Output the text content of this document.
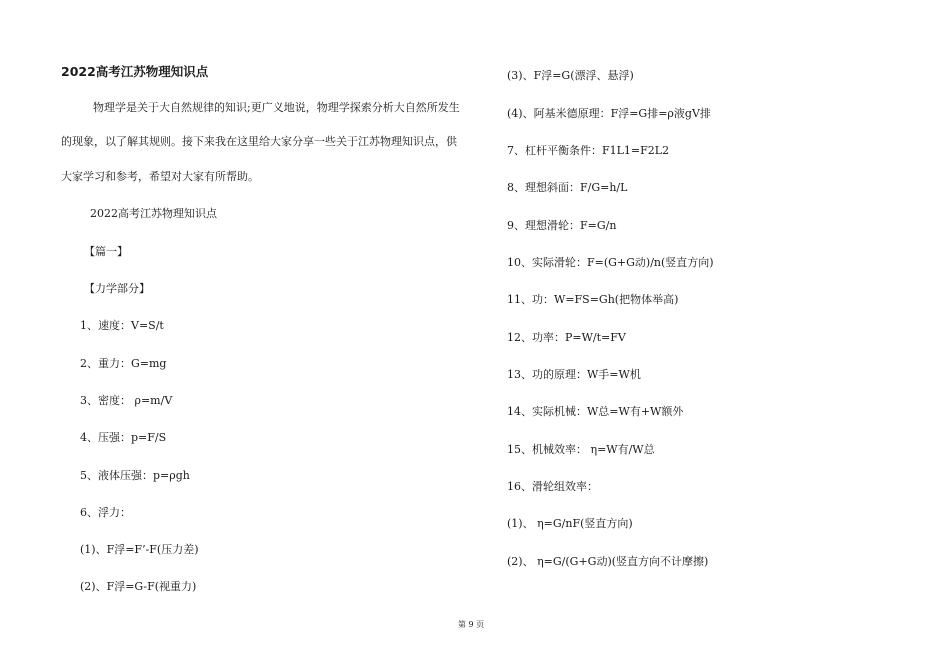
2022高考江苏物理知识点
物理学是关于大自然规律的知识;更广义地说，物理学探索分析大自然所发生
的现象，以了解其规则。接下来我在这里给大家分享一些关于江苏物理知识点，供
大家学习和参考，希望对大家有所帮助。
2022高考江苏物理知识点
【篇一】
【力学部分】
1、速度：V=S/t
2、重力：G=mg
3、密度： ρ=m/V
4、压强：p=F/S
5、液体压强：p=ρgh
6、浮力：
(1)、F浮=F’-F(压力差)
(2)、F浮=G-F(视重力)
(3)、F浮=G(漂浮、悬浮)
(4)、阿基米德原理：F浮=G排=ρ液gV排
7、杠杆平衡条件：F1L1=F2L2
8、理想斜面：F/G=h/L
9、理想滑轮：F=G/n
10、实际滑轮：F=(G+G动)/n(竖直方向)
11、功：W=FS=Gh(把物体举高)
12、功率：P=W/t=FV
13、功的原理：W手=W机
14、实际机械：W总=W有+W额外
15、机械效率： η=W有/W总
16、滑轮组效率：
(1)、 η=G/nF(竖直方向)
(2)、 η=G/(G+G动)(竖直方向不计摩擦)
第 9 页
